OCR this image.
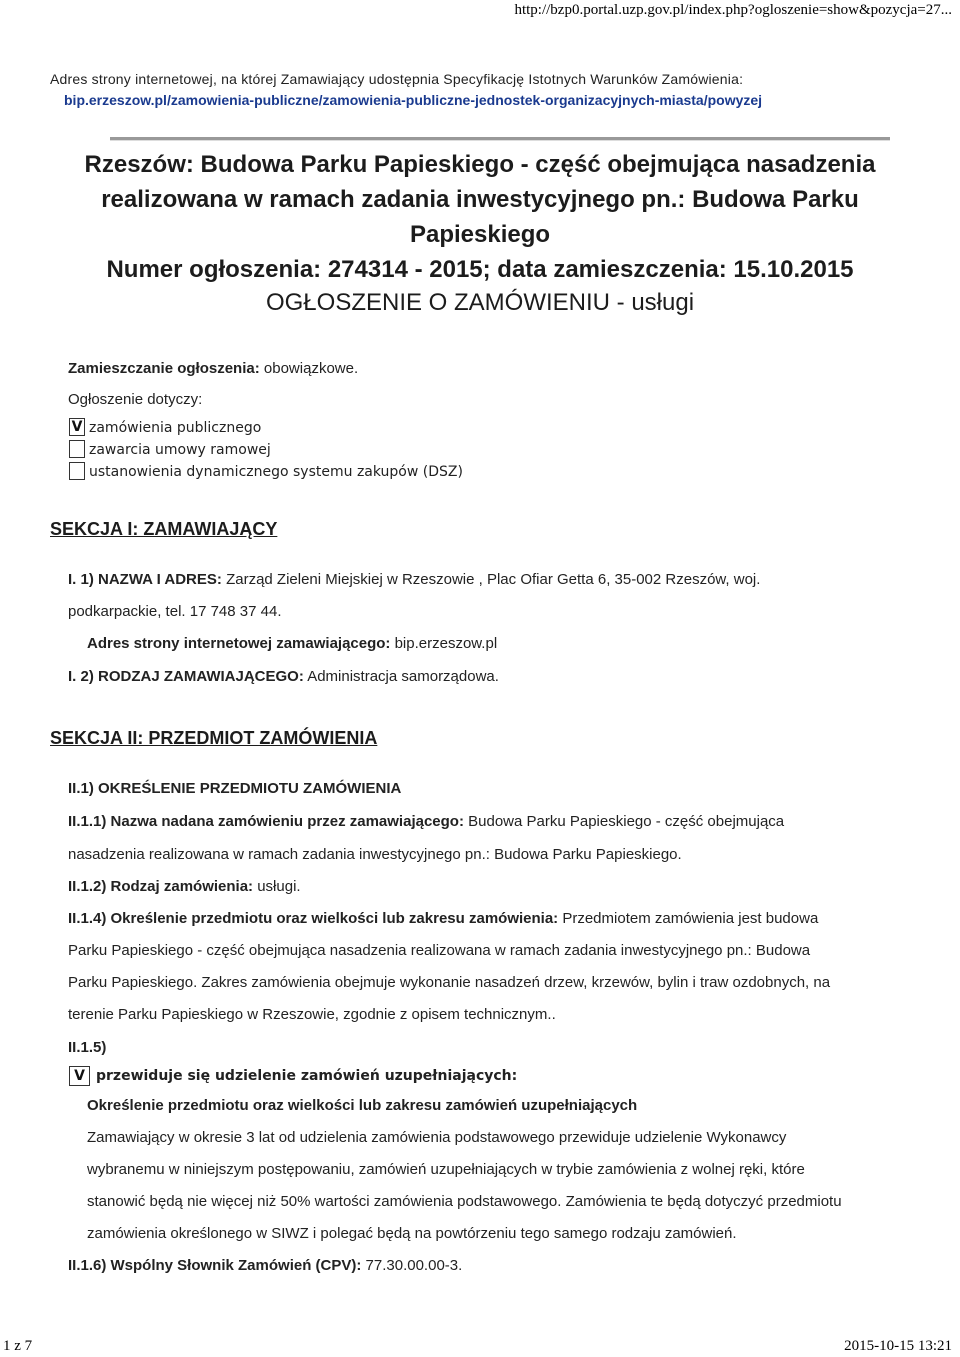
http://bzp0.portal.uzp.gov.pl/index.php?ogloszenie=show&pozycja=27...
Adres strony internetowej, na której Zamawiający udostępnia Specyfikację Istotnych Warunków Zamówienia:
bip.erzeszow.pl/zamowienia-publiczne/zamowienia-publiczne-jednostek-organizacyjnych-miasta/powyzej
Rzeszów: Budowa Parku Papieskiego - część obejmująca nasadzenia
realizowana w ramach zadania inwestycyjnego pn.: Budowa Parku
Papieskiego
Numer ogłoszenia: 274314 - 2015; data zamieszczenia: 15.10.2015
OGŁOSZENIE O ZAMÓWIENIU - usługi
Zamieszczanie ogłoszenia: obowiązkowe.
Ogłoszenie dotyczy:
V zamówienia publicznego
zawarcia umowy ramowej
ustanowienia dynamicznego systemu zakupów (DSZ)
SEKCJA I: ZAMAWIAJĄCY
I. 1) NAZWA I ADRES: Zarząd Zieleni Miejskiej w Rzeszowie , Plac Ofiar Getta 6, 35-002 Rzeszów, woj.
podkarpackie, tel. 17 748 37 44.
Adres strony internetowej zamawiającego: bip.erzeszow.pl
I. 2) RODZAJ ZAMAWIAJĄCEGO: Administracja samorządowa.
SEKCJA II: PRZEDMIOT ZAMÓWIENIA
II.1) OKREŚLENIE PRZEDMIOTU ZAMÓWIENIA
II.1.1) Nazwa nadana zamówieniu przez zamawiającego: Budowa Parku Papieskiego - część obejmująca
nasadzenia realizowana w ramach zadania inwestycyjnego pn.: Budowa Parku Papieskiego.
II.1.2) Rodzaj zamówienia: usługi.
II.1.4) Określenie przedmiotu oraz wielkości lub zakresu zamówienia: Przedmiotem zamówienia jest budowa
Parku Papieskiego - część obejmująca nasadzenia realizowana w ramach zadania inwestycyjnego pn.: Budowa
Parku Papieskiego. Zakres zamówienia obejmuje wykonanie nasadzeń drzew, krzewów, bylin i traw ozdobnych, na
terenie Parku Papieskiego w Rzeszowie, zgodnie z opisem technicznym..
II.1.5)
V przewiduje się udzielenie zamówień uzupełniających:
Określenie przedmiotu oraz wielkości lub zakresu zamówień uzupełniających
Zamawiający w okresie 3 lat od udzielenia zamówienia podstawowego przewiduje udzielenie Wykonawcy
wybranemu w niniejszym postępowaniu, zamówień uzupełniających w trybie zamówienia z wolnej ręki, które
stanowić będą nie więcej niż 50% wartości zamówienia podstawowego. Zamówienia te będą dotyczyć przedmiotu
zamówienia określonego w SIWZ i polegać będą na powtórzeniu tego samego rodzaju zamówień.
II.1.6) Wspólny Słownik Zamówień (CPV): 77.30.00.00-3.
1 z 7	2015-10-15 13:21
